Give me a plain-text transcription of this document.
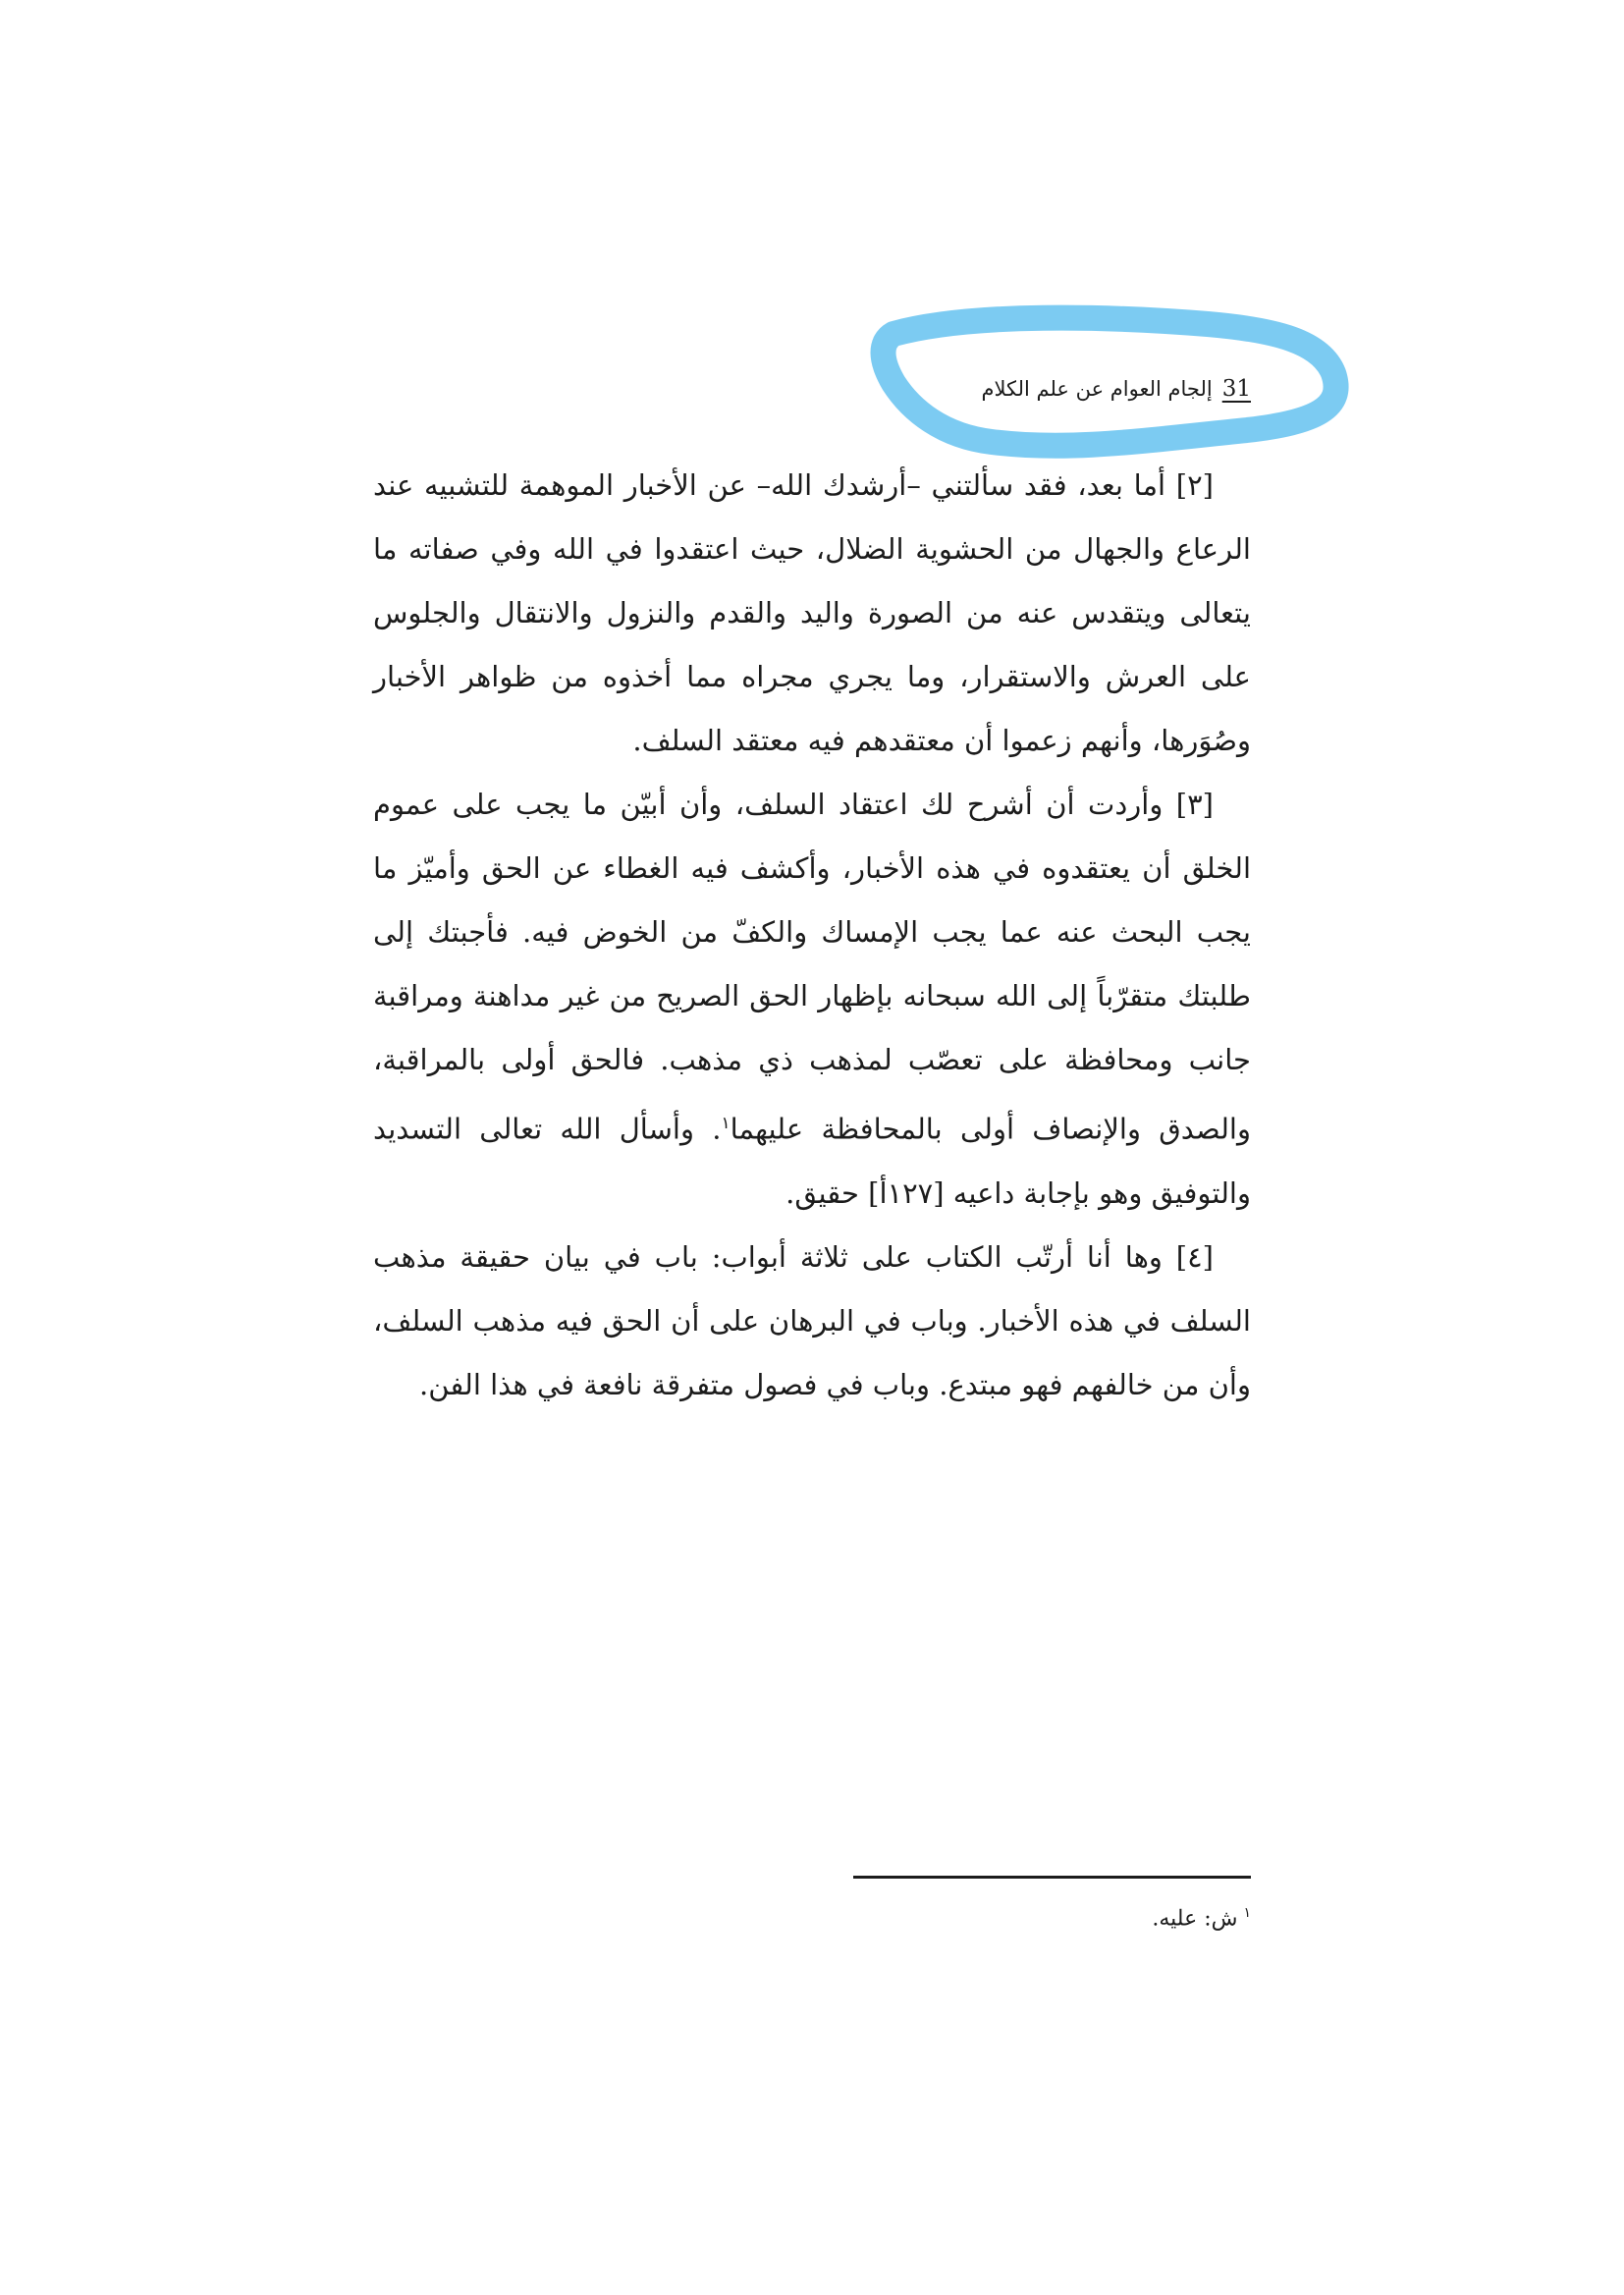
31إلجام العوام عن علم الكلام

[٢] أما بعد، فقد سألتني –أرشدك الله– عن الأخبار الموهمة للتشبيه عند الرعاع والجهال من الحشوية الضلال، حيث اعتقدوا في الله وفي صفاته ما يتعالى ويتقدس عنه من الصورة واليد والقدم والنزول والانتقال والجلوس على العرش والاستقرار، وما يجري مجراه مما أخذوه من ظواهر الأخبار وصُوَرها، وأنهم زعموا أن معتقدهم فيه معتقد السلف.

[٣] وأردت أن أشرح لك اعتقاد السلف، وأن أبيّن ما يجب على عموم الخلق أن يعتقدوه في هذه الأخبار، وأكشف فيه الغطاء عن الحق وأميّز ما يجب البحث عنه عما يجب الإمساك والكفّ من الخوض فيه. فأجبتك إلى طلبتك متقرّباً إلى الله سبحانه بإظهار الحق الصريح من غير مداهنة ومراقبة جانب ومحافظة على تعصّب لمذهب ذي مذهب. فالحق أولى بالمراقبة، والصدق والإنصاف أولى بالمحافظة عليهما$^١$. وأسأل الله تعالى التسديد والتوفيق وهو بإجابة داعيه [١٢٧أ] حقيق.

[٤] وها أنا أرتّب الكتاب على ثلاثة أبواب: باب في بيان حقيقة مذهب السلف في هذه الأخبار. وباب في البرهان على أن الحق فيه مذهب السلف، وأن من خالفهم فهو مبتدع. وباب في فصول متفرقة نافعة في هذا الفن.

$^١$ش: عليه.
